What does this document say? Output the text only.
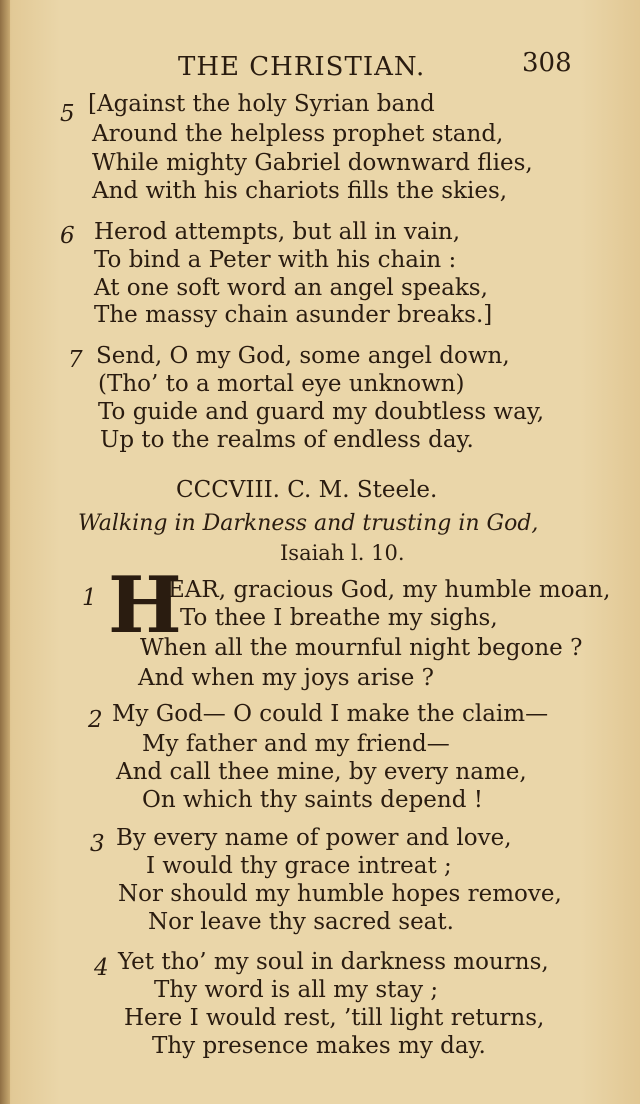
THE CHRISTIAN.	308
5 [Against the holy Syrian band
Around the helpless prophet stand,
While mighty Gabriel downward flies,
And with his chariots fills the skies,
6 Herod attempts, but all in vain,
To bind a Peter with his chain :
At one soft word an angel speaks,
The massy chain asunder breaks.]
7 Send, O my God, some angel down,
(Tho’ to a mortal eye unknown)
To guide and guard my doubtless way,
Up to the realms of endless day.
CCCVIII. C. M. Steele.
Walking in Darkness and trusting in God,
Isaiah l. 10.
1 H
EAR, gracious God, my humble moan,
To thee I breathe my sighs,
When all the mournful night begone ?
And when my joys arise ?
2 My God— O could I make the claim—
My father and my friend—
And call thee mine, by every name,
On which thy saints depend !
3 By every name of power and love,
I would thy grace intreat ;
Nor should my humble hopes remove,
Nor leave thy sacred seat.
4 Yet tho’ my soul in darkness mourns,
Thy word is all my stay ;
Here I would rest, ’till light returns,
Thy presence makes my day.
